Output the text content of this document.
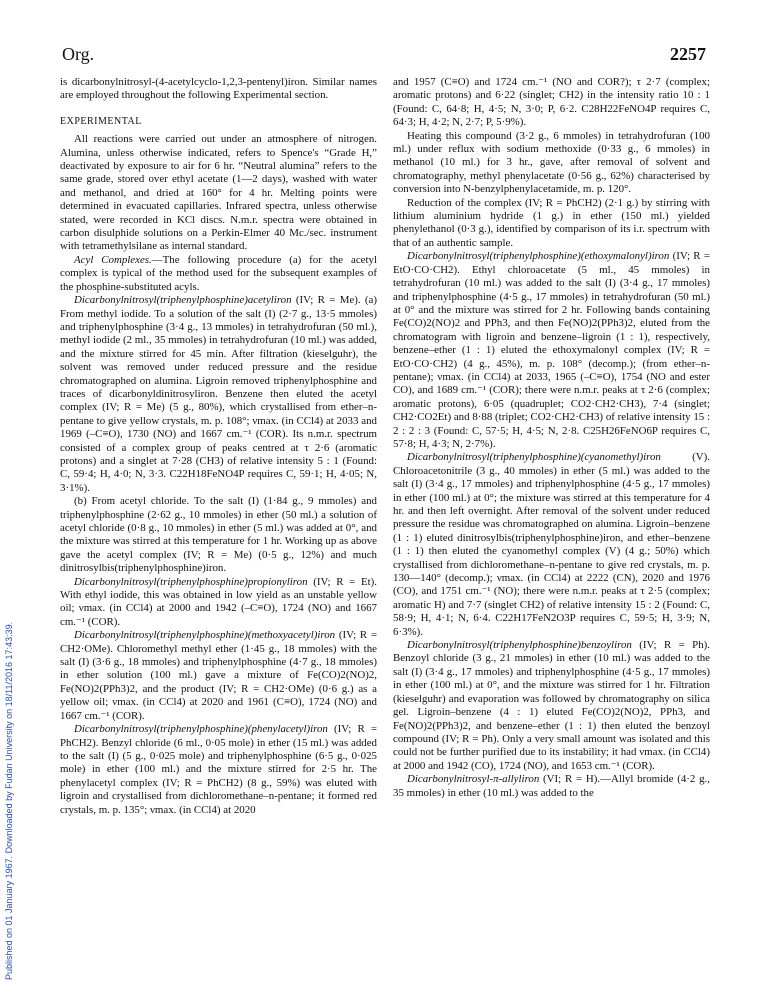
Org.	2257
Published on 01 January 1967. Downloaded by Fudan University on 18/11/2016 17:43:39.

is dicarbonylnitrosyl-(4-acetylcyclo-1,2,3-pentenyl)iron. Similar names are employed throughout the following Experimental section.

EXPERIMENTAL

All reactions were carried out under an atmosphere of nitrogen. Alumina, unless otherwise indicated, refers to Spence's “Grade H,” deactivated by exposure to air for 6 hr. “Neutral alumina” refers to the same grade, stored over ethyl acetate (1—2 days), washed with water and methanol, and dried at 160° for 4 hr. Melting points were determined in evacuated capillaries. Infrared spectra, unless otherwise stated, were recorded in KCl discs. N.m.r. spectra were obtained in carbon disulphide solutions on a Perkin-Elmer 40 Mc./sec. instrument with tetramethylsilane as internal standard.

Acyl Complexes.—The following procedure (a) for the acetyl complex is typical of the method used for the subsequent examples of the phosphine-substituted acyls.

Dicarbonylnitrosyl(triphenylphosphine)acetyliron (IV; R = Me). (a) From methyl iodide. To a solution of the salt (I) (2·7 g., 13·5 mmoles) and triphenylphosphine (3·4 g., 13 mmoles) in tetrahydrofuran (50 ml.), methyl iodide (2 ml., 35 mmoles) in tetrahydrofuran (10 ml.) was added, and the mixture stirred for 45 min. After filtration (kieselguhr), the solvent was removed under reduced pressure and the residue chromatographed on alumina. Ligroin removed triphenylphosphine and traces of dicarbonyldinitrosyliron. Benzene then eluted the acetyl complex (IV; R = Me) (5 g., 80%), which crystallised from ether–n-pentane to give yellow crystals, m. p. 108°; νmax. (in CCl4) at 2033 and 1969 (–C≡O), 1730 (NO) and 1667 cm.⁻¹ (COR). Its n.m.r. spectrum consisted of a complex group of peaks centred at τ 2·6 (aromatic protons) and a singlet at 7·28 (CH3) of relative intensity 5 : 1 (Found: C, 59·4; H, 4·0; N, 3·3. C22H18FeNO4P requires C, 59·1; H, 4·05; N, 3·1%).

(b) From acetyl chloride. To the salt (I) (1·84 g., 9 mmoles) and triphenylphosphine (2·62 g., 10 mmoles) in ether (50 ml.) a solution of acetyl chloride (0·8 g., 10 mmoles) in ether (5 ml.) was added at 0°, and the mixture was stirred at this temperature for 1 hr. Working up as above gave the acetyl complex (IV; R = Me) (0·5 g., 12%) and much dinitrosylbis(triphenylphosphine)iron.

Dicarbonylnitrosyl(triphenylphosphine)propionyliron (IV; R = Et). With ethyl iodide, this was obtained in low yield as an unstable yellow oil; νmax. (in CCl4) at 2000 and 1942 (–C≡O), 1724 (NO) and 1667 cm.⁻¹ (COR).

Dicarbonylnitrosyl(triphenylphosphine)(methoxyacetyl)iron (IV; R = CH2·OMe). Chloromethyl methyl ether (1·45 g., 18 mmoles) with the salt (I) (3·6 g., 18 mmoles) and triphenylphosphine (4·7 g., 18 mmoles) in ether solution (100 ml.) gave a mixture of Fe(CO)2(NO)2, Fe(NO)2(PPh3)2, and the product (IV; R = CH2·OMe) (0·6 g.) as a yellow oil; νmax. (in CCl4) at 2020 and 1961 (C≡O), 1724 (NO) and 1667 cm.⁻¹ (COR).

Dicarbonylnitrosyl(triphenylphosphine)(phenylacetyl)iron (IV; R = PhCH2). Benzyl chloride (6 ml., 0·05 mole) in ether (15 ml.) was added to the salt (I) (5 g., 0·025 mole) and triphenylphosphine (6·5 g., 0·025 mole) in ether (100 ml.) and the mixture stirred for 2·5 hr. The phenylacetyl complex (IV; R = PhCH2) (8 g., 59%) was eluted with ligroin and crystallised from dichloromethane–n-pentane; it formed red crystals, m. p. 135°; νmax. (in CCl4) at 2020

and 1957 (C≡O) and 1724 cm.⁻¹ (NO and COR?); τ 2·7 (complex; aromatic protons) and 6·22 (singlet; CH2) in the intensity ratio 10 : 1 (Found: C, 64·8; H, 4·5; N, 3·0; P, 6·2. C28H22FeNO4P requires C, 64·3; H, 4·2; N, 2·7; P, 5·9%).

Heating this compound (3·2 g., 6 mmoles) in tetrahydrofuran (100 ml.) under reflux with sodium methoxide (0·33 g., 6 mmoles) in methanol (10 ml.) for 3 hr., gave, after removal of solvent and chromatography, methyl phenylacetate (0·56 g., 62%) characterised by conversion into N-benzylphenylacetamide, m. p. 120°.

Reduction of the complex (IV; R = PhCH2) (2·1 g.) by stirring with lithium aluminium hydride (1 g.) in ether (150 ml.) yielded phenylethanol (0·3 g.), identified by comparison of its i.r. spectrum with that of an authentic sample.

Dicarbonylnitrosyl(triphenylphosphine)(ethoxymalonyl)iron (IV; R = EtO·CO·CH2). Ethyl chloroacetate (5 ml., 45 mmoles) in tetrahydrofuran (10 ml.) was added to the salt (I) (3·4 g., 17 mmoles) and triphenylphosphine (4·5 g., 17 mmoles) in tetrahydrofuran (50 ml.) at 0° and the mixture was stirred for 2 hr. Following bands containing Fe(CO)2(NO)2 and PPh3, and then Fe(NO)2(PPh3)2, eluted from the chromatogram with ligroin and benzene–ligroin (1 : 1), respectively, benzene–ether (1 : 1) eluted the ethoxymalonyl complex (IV; R = EtO·CO·CH2) (4 g., 45%), m. p. 108° (decomp.); (from ether–n-pentane); νmax. (in CCl4) at 2033, 1965 (–C≡O), 1754 (NO and ester CO), and 1689 cm.⁻¹ (COR); there were n.m.r. peaks at τ 2·6 (complex; aromatic protons), 6·05 (quadruplet; CO2·CH2·CH3), 7·4 (singlet; CH2·CO2Et) and 8·88 (triplet; CO2·CH2·CH3) of relative intensity 15 : 2 : 2 : 3 (Found: C, 57·5; H, 4·5; N, 2·8. C25H26FeNO6P requires C, 57·8; H, 4·3; N, 2·7%).

Dicarbonylnitrosyl(triphenylphosphine)(cyanomethyl)iron (V). Chloroacetonitrile (3 g., 40 mmoles) in ether (5 ml.) was added to the salt (I) (3·4 g., 17 mmoles) and triphenylphosphine (4·5 g., 17 mmoles) in ether (100 ml.) at 0°; the mixture was stirred at this temperature for 4 hr. and then left overnight. After removal of the solvent under reduced pressure the residue was chromatographed on alumina. Ligroin–benzene (1 : 1) eluted dinitrosylbis(triphenylphosphine)iron, and ether–benzene (1 : 1) then eluted the cyanomethyl complex (V) (4 g.; 50%) which crystallised from dichloromethane–n-pentane to give red crystals, m. p. 130—140° (decomp.); νmax. (in CCl4) at 2222 (CN), 2020 and 1976 (CO), and 1751 cm.⁻¹ (NO); there were n.m.r. peaks at τ 2·5 (complex; aromatic H) and 7·7 (singlet CH2) of relative intensity 15 : 2 (Found: C, 58·9; H, 4·1; N, 6·4. C22H17FeN2O3P requires C, 59·5; H, 3·9; N, 6·3%).

Dicarbonylnitrosyl(triphenylphosphine)benzoyliron (IV; R = Ph). Benzoyl chloride (3 g., 21 mmoles) in ether (10 ml.) was added to the salt (I) (3·4 g., 17 mmoles) and triphenylphosphine (4·5 g., 17 mmoles) in ether (100 ml.) at 0°, and the mixture was stirred for 1 hr. Filtration (kieselguhr) and evaporation was followed by chromatography on silica gel. Ligroin–benzene (4 : 1) eluted Fe(CO)2(NO)2, PPh3, and Fe(NO)2(PPh3)2, and benzene–ether (1 : 1) then eluted the benzoyl compound (IV; R = Ph). Only a very small amount was isolated and this could not be further purified due to its instability; it had νmax. (in CCl4) at 2000 and 1942 (CO), 1724 (NO), and 1653 cm.⁻¹ (COR).

Dicarbonylnitrosyl-π-allyliron (VI; R = H).—Allyl bromide (4·2 g., 35 mmoles) in ether (10 ml.) was added to the
